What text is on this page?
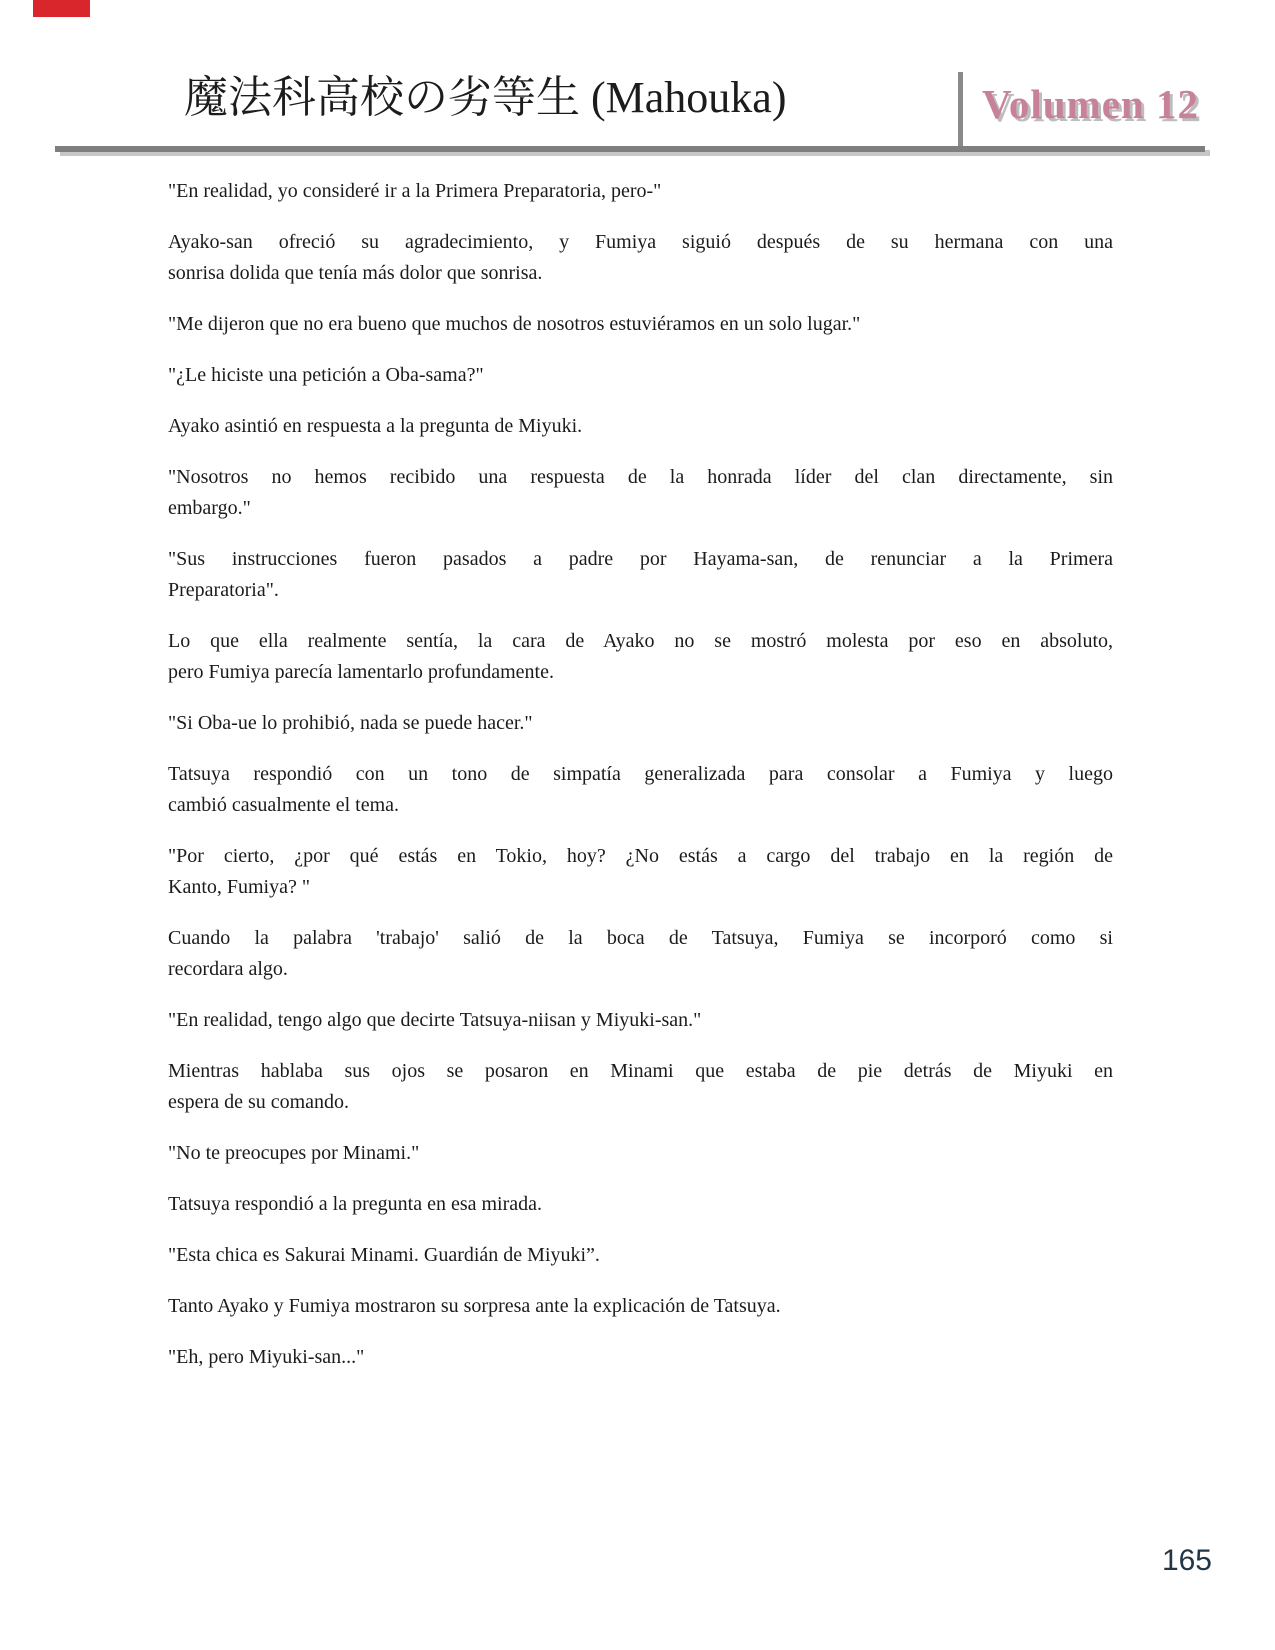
魔法科高校の劣等生 (Mahouka)	Volumen 12

"En realidad, yo consideré ir a la Primera Preparatoria, pero-"

Ayako-san ofreció su agradecimiento, y Fumiya siguió después de su hermana con una
sonrisa dolida que tenía más dolor que sonrisa.

"Me dijeron que no era bueno que muchos de nosotros estuviéramos en un solo lugar."

"¿Le hiciste una petición a Oba-sama?"

Ayako asintió en respuesta a la pregunta de Miyuki.

"Nosotros no hemos recibido una respuesta de la honrada líder del clan directamente, sin
embargo."

"Sus instrucciones fueron pasados a padre por Hayama-san, de renunciar a la Primera
Preparatoria".

Lo que ella realmente sentía, la cara de Ayako no se mostró molesta por eso en absoluto,
pero Fumiya parecía lamentarlo profundamente.

"Si Oba-ue lo prohibió, nada se puede hacer."

Tatsuya respondió con un tono de simpatía generalizada para consolar a Fumiya y luego
cambió casualmente el tema.

"Por cierto, ¿por qué estás en Tokio, hoy? ¿No estás a cargo del trabajo en la región de
Kanto, Fumiya? "

Cuando la palabra 'trabajo' salió de la boca de Tatsuya, Fumiya se incorporó como si
recordara algo.

"En realidad, tengo algo que decirte Tatsuya-niisan y Miyuki-san."

Mientras hablaba sus ojos se posaron en Minami que estaba de pie detrás de Miyuki en
espera de su comando.

"No te preocupes por Minami."

Tatsuya respondió a la pregunta en esa mirada.

"Esta chica es Sakurai Minami. Guardián de Miyuki”.

Tanto Ayako y Fumiya mostraron su sorpresa ante la explicación de Tatsuya.

"Eh, pero Miyuki-san..."

165
